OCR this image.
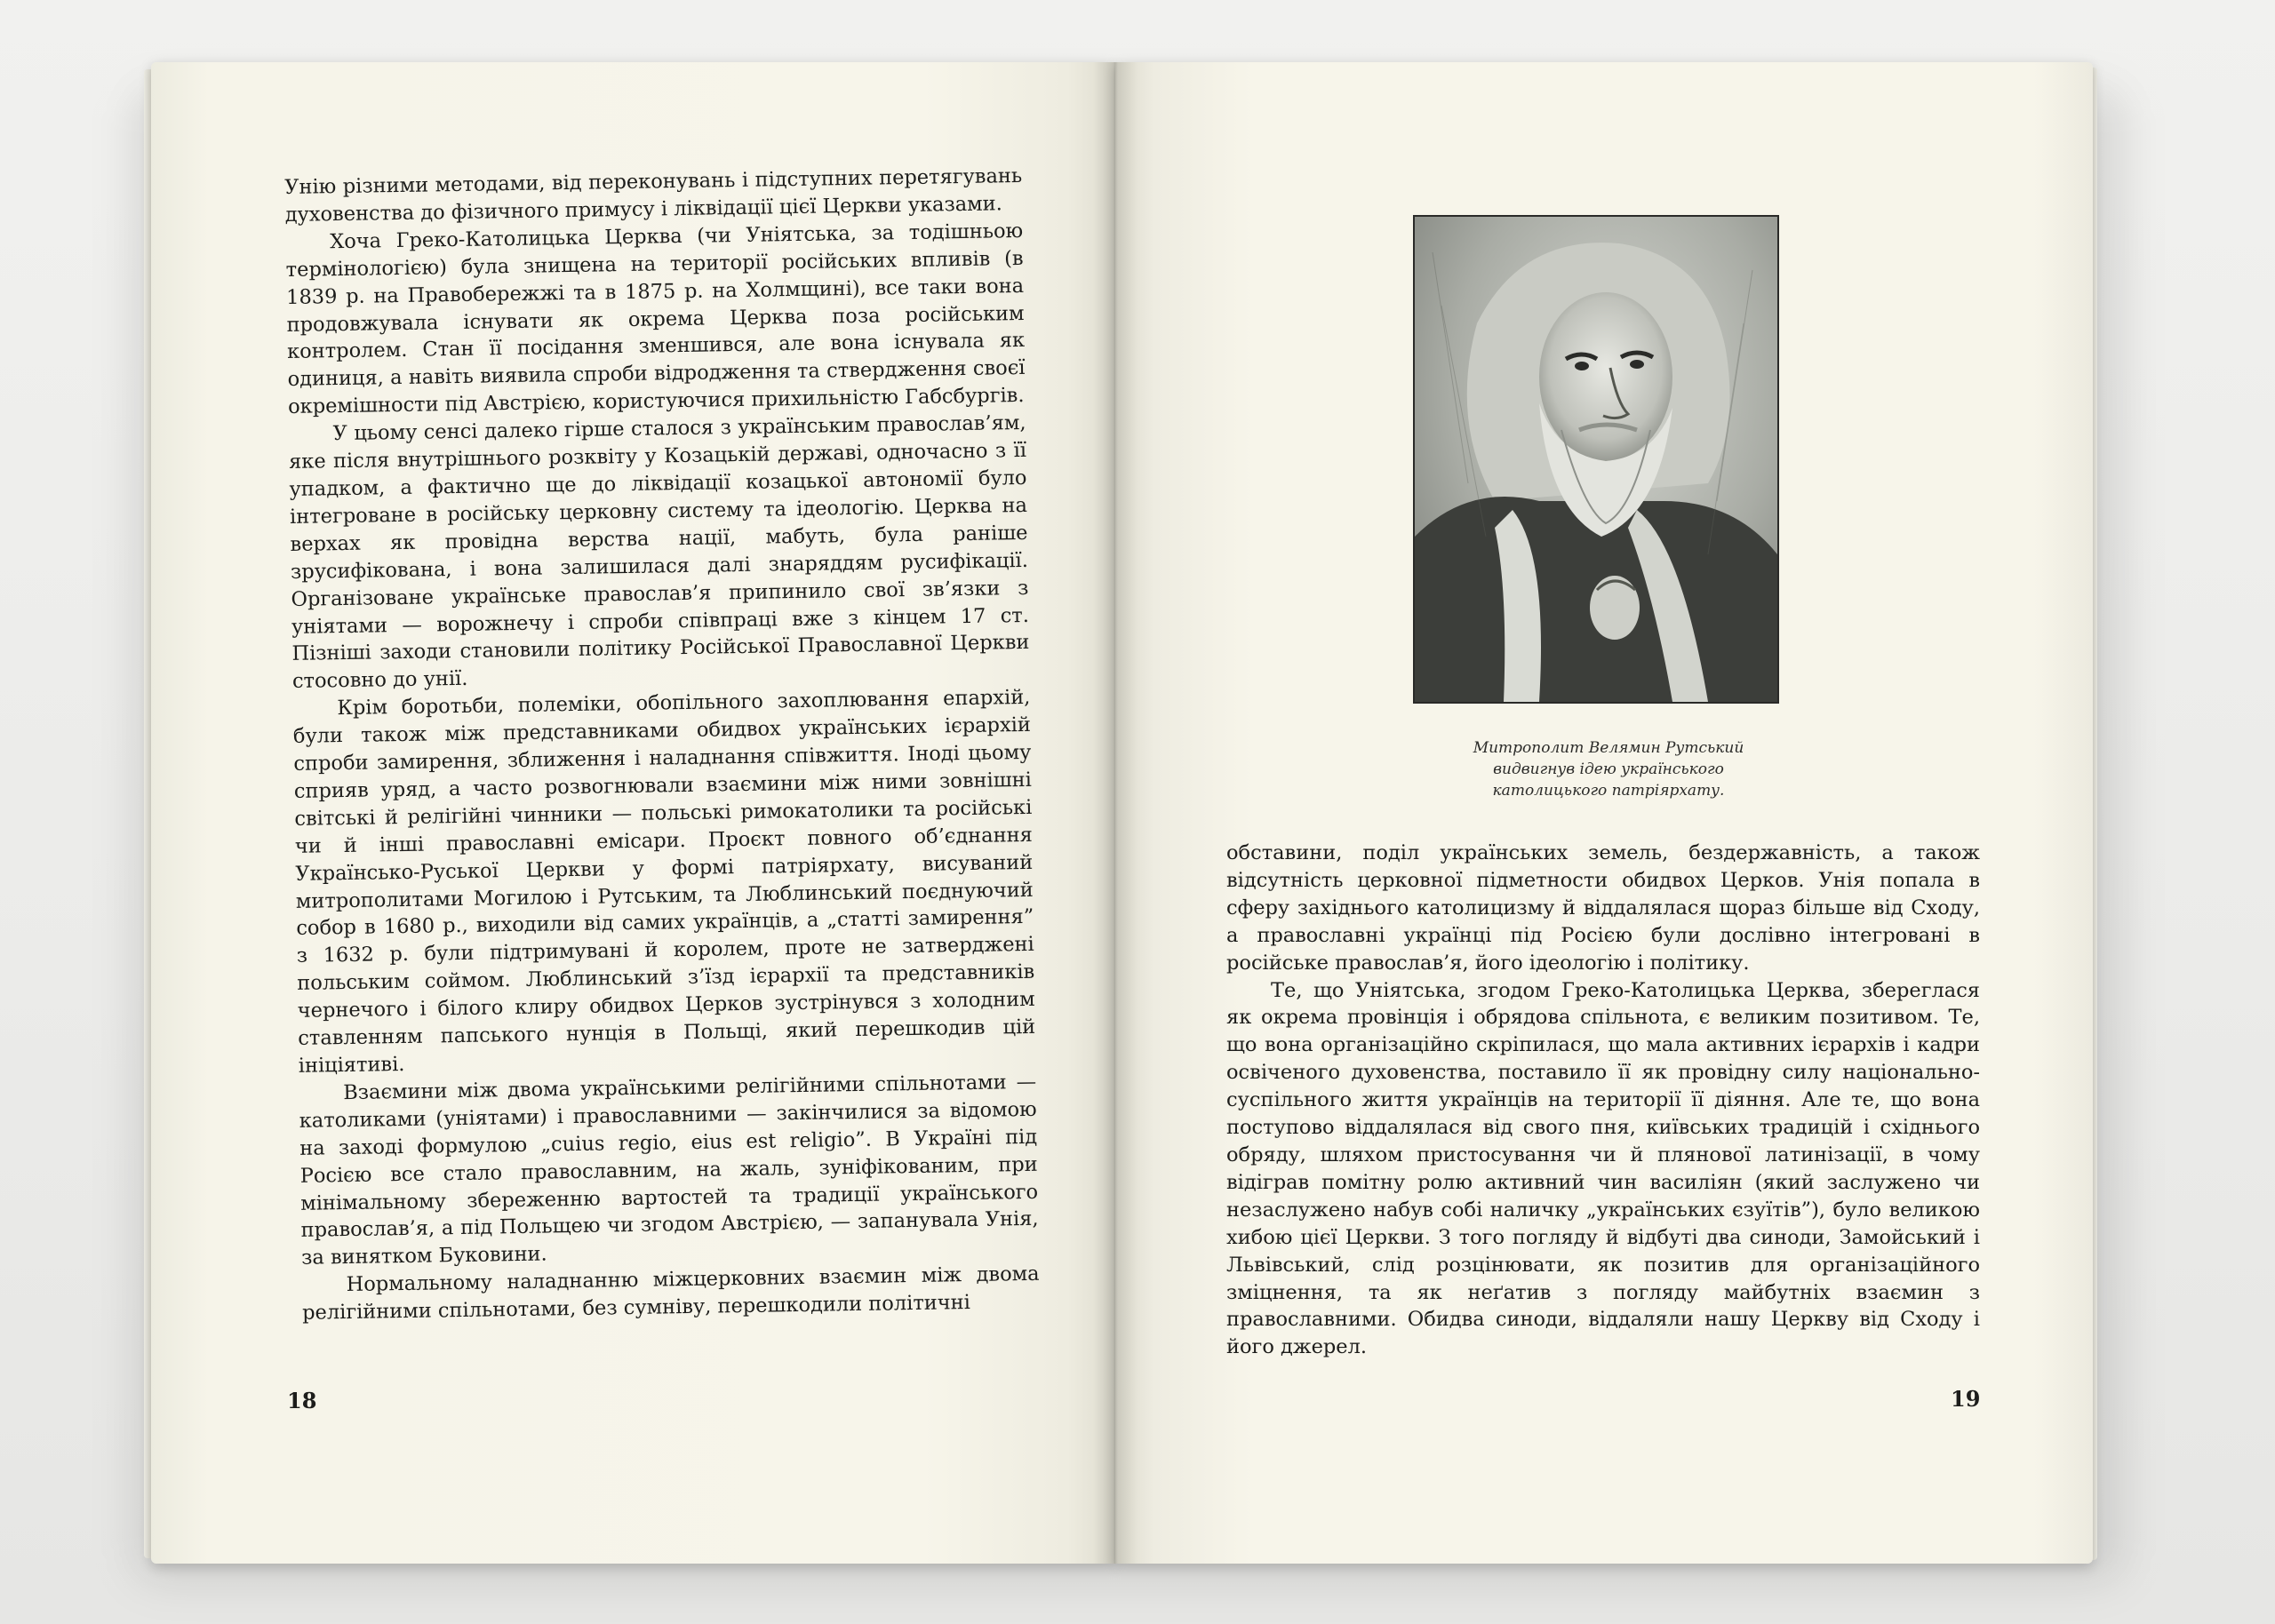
Унію різними методами, від переконувань і підступних перетягувань духовенства до фізичного примусу і ліквідації цієї Церкви указами.

Хоча Греко-Католицька Церква (чи Уніятська, за тодішньою термінологією) була знищена на території російських впливів (в 1839 р. на Правобережжі та в 1875 р. на Холмщині), все таки вона продовжувала існувати як окрема Церква поза російським контролем. Стан її посідання зменшився, але вона існувала як одиниця, а навіть виявила спроби відродження та ствердження своєї окремішности під Австрією, користуючися прихильністю Габсбургів.

У цьому сенсі далеко гірше сталося з українським православ’ям, яке після внутрішнього розквіту у Козацькій державі, одночасно з її упадком, а фактично ще до ліквідації козацької автономії було інтегроване в російську церковну систему та ідеологію. Церква на верхах як провідна верства нації, мабуть, була раніше зрусифікована, і вона залишилася далі знаряддям русифікації. Організоване українське православ’я припинило свої зв’язки з уніятами — ворожнечу і спроби співпраці вже з кінцем 17 ст. Пізніші заходи становили політику Російської Православної Церкви стосовно до унії.

Крім боротьби, полеміки, обопільного захоплювання епархій, були також між представниками обидвох українських ієрархій спроби замирення, зближення і наладнання співжиття. Іноді цьому сприяв уряд, а часто розвогнювали взаємини між ними зовнішні світські й релігійні чинники — польські римокатолики та російські чи й інші православні емісари. Проєкт повного об’єднання Українсько-Руської Церкви у формі патріярхату, висуваний митрополитами Могилою і Рутським, та Люблинський поєднуючий собор в 1680 р., виходили від самих українців, а „статті замирення” з 1632 р. були підтримувані й королем, проте не затверджені польським соймом. Люблинський з’їзд ієрархії та представників чернечого і білого клиру обидвох Церков зустрінувся з холодним ставленням папського нунція в Польщі, який перешкодив цій ініціятиві.

Взаємини між двома українськими релігійними спільнотами — католиками (уніятами) і православними — закінчилися за відомою на заході формулою „cuius regio, eius est religio”. В Україні під Росією все стало православним, на жаль, зуніфікованим, при мінімальному збереженню вартостей та традиції українського православ’я, а під Польщею чи згодом Австрією, — запанувала Унія, за винятком Буковини.

Нормальному наладнанню міжцерковних взаємин між двома релігійними спільнотами, без сумніву, перешкодили політичні

18
Митрополит Велямин Рутський
видвигнув ідею українського
католицького патріярхату.

обставини, поділ українських земель, бездержавність, а також відсутність церковної підметности обидвох Церков. Унія попала в сферу західнього католицизму й віддалялася щораз більше від Сходу, а православні українці під Росією були дослівно інтегровані в російське православ’я, його ідеологію і політику.

Те, що Уніятська, згодом Греко-Католицька Церква, збереглася як окрема провінція і обрядова спільнота, є великим позитивом. Те, що вона організаційно скріпилася, що мала активних ієрархів і кадри освіченого духовенства, поставило її як провідну силу національно-суспільного життя українців на території її діяння. Але те, що вона поступово віддалялася від свого пня, київських традицій і східнього обряду, шляхом пристосування чи й плянової латинізації, в чому відіграв помітну ролю активний чин василіян (який заслужено чи незаслужено набув собі наличку „українських єзуїтів”), було великою хибою цієї Церкви. З того погляду й відбуті два синоди, Замойський і Львівський, слід розцінювати, як позитив для організаційного зміцнення, та як неґатив з погляду майбутніх взаємин з православними. Обидва синоди, віддаляли нашу Церкву від Сходу і його джерел.

19
